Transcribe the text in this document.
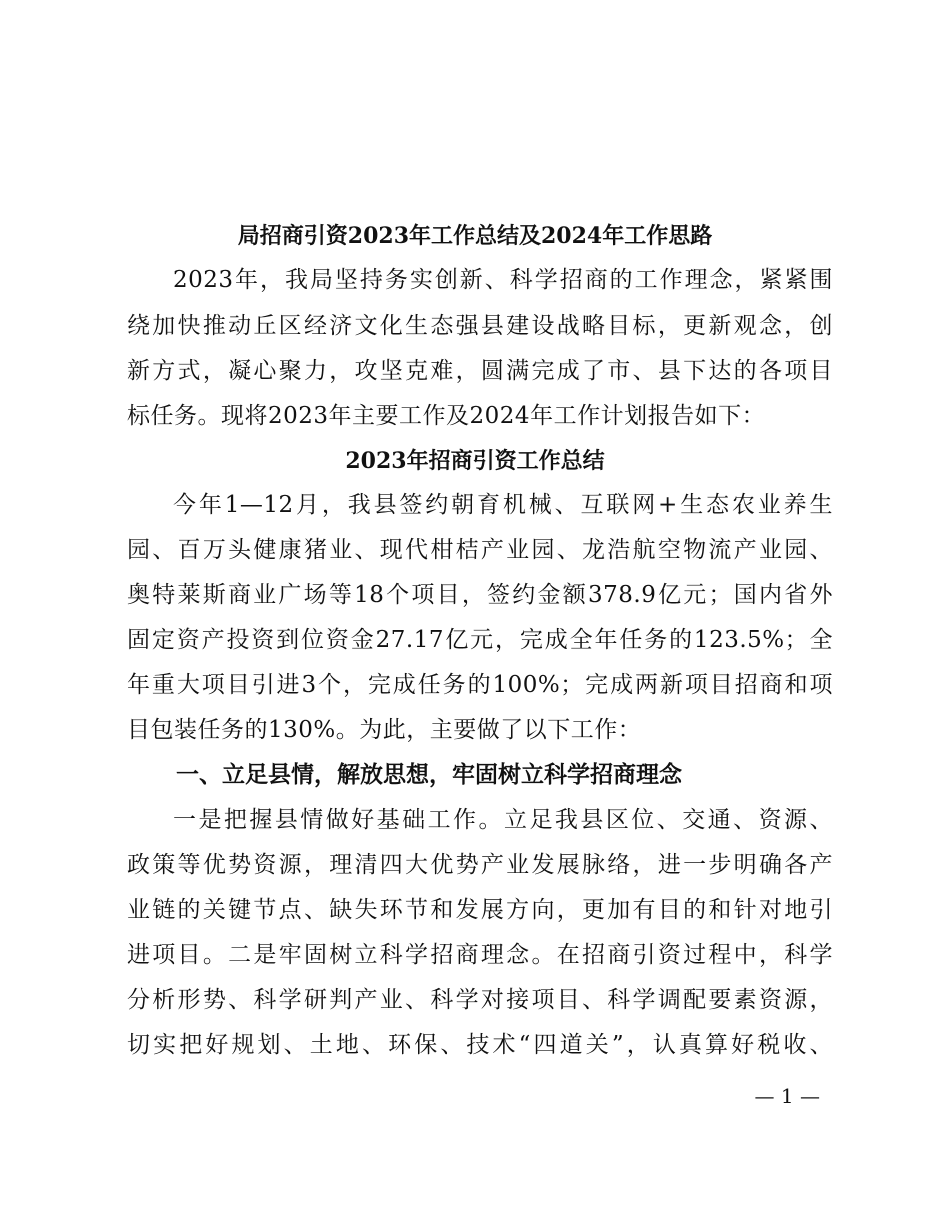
局招商引资2023年工作总结及2024年工作思路
2023年，我局坚持务实创新、科学招商的工作理念，紧紧围
绕加快推动丘区经济文化生态强县建设战略目标，更新观念，创
新方式，凝心聚力，攻坚克难，圆满完成了市、县下达的各项目
标任务。现将2023年主要工作及2024年工作计划报告如下：
2023年招商引资工作总结
今年1—12月，我县签约朝育机械、互联网+生态农业养生
园、百万头健康猪业、现代柑桔产业园、龙浩航空物流产业园、
奥特莱斯商业广场等18个项目，签约金额378.9亿元；国内省外
固定资产投资到位资金27.17亿元，完成全年任务的123.5%；全
年重大项目引进3个，完成任务的100%；完成两新项目招商和项
目包装任务的130%。为此，主要做了以下工作：
一、立足县情，解放思想，牢固树立科学招商理念
一是把握县情做好基础工作。立足我县区位、交通、资源、
政策等优势资源，理清四大优势产业发展脉络，进一步明确各产
业链的关键节点、缺失环节和发展方向，更加有目的和针对地引
进项目。二是牢固树立科学招商理念。在招商引资过程中，科学
分析形势、科学研判产业、科学对接项目、科学调配要素资源，
切实把好规划、土地、环保、技术“四道关”，认真算好税收、
— 1 —
